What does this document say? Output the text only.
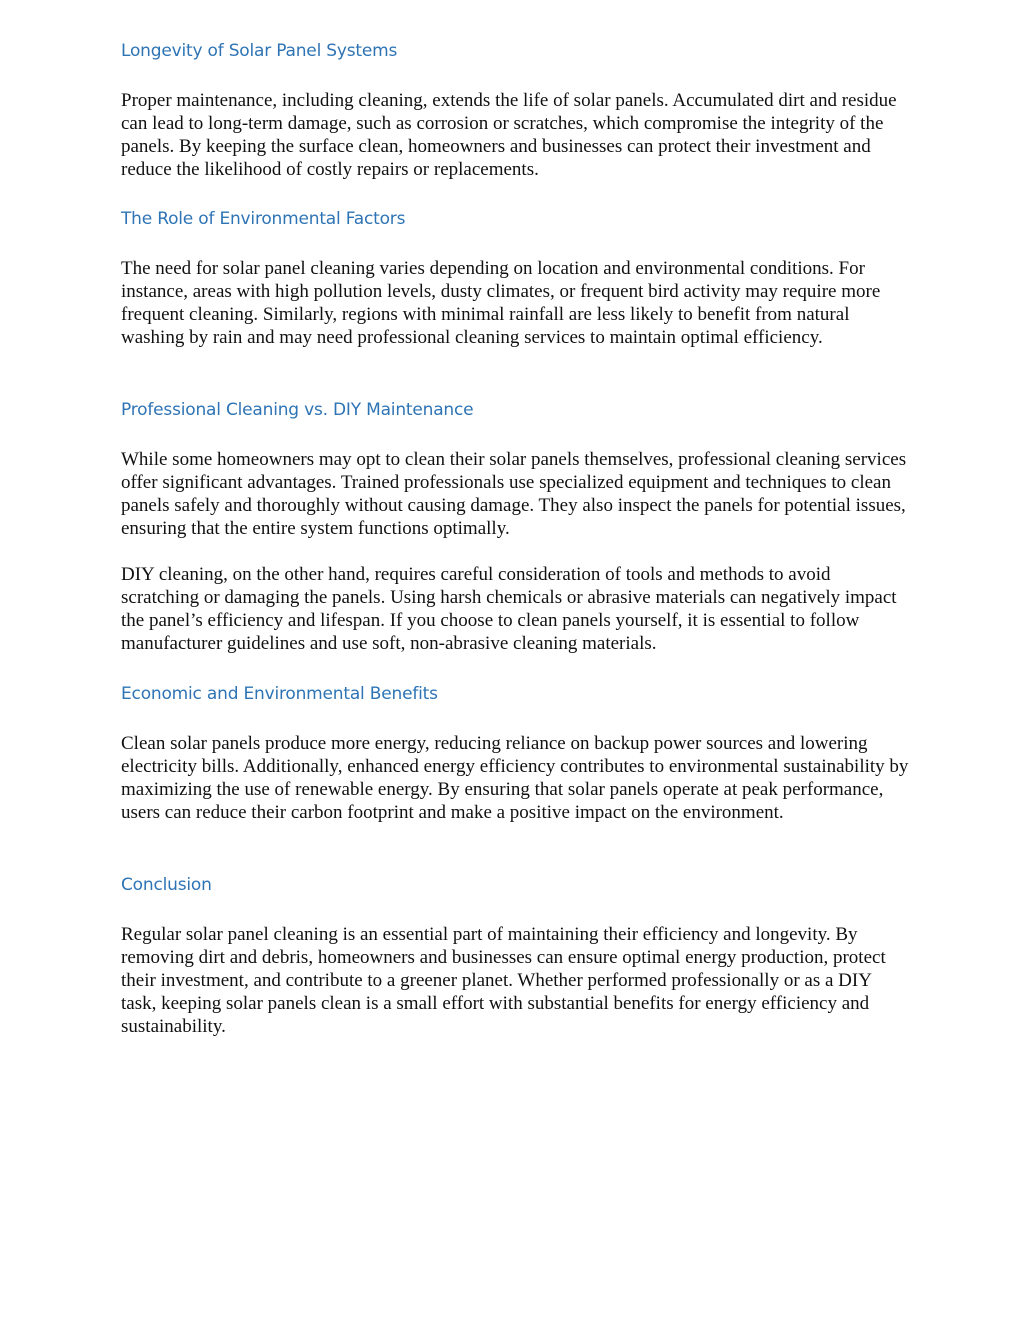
Longevity of Solar Panel Systems

Proper maintenance, including cleaning, extends the life of solar panels. Accumulated dirt and residue can lead to long-term damage, such as corrosion or scratches, which compromise the integrity of the panels. By keeping the surface clean, homeowners and businesses can protect their investment and reduce the likelihood of costly repairs or replacements.

The Role of Environmental Factors

The need for solar panel cleaning varies depending on location and environmental conditions. For instance, areas with high pollution levels, dusty climates, or frequent bird activity may require more frequent cleaning. Similarly, regions with minimal rainfall are less likely to benefit from natural washing by rain and may need professional cleaning services to maintain optimal efficiency.

Professional Cleaning vs. DIY Maintenance

While some homeowners may opt to clean their solar panels themselves, professional cleaning services offer significant advantages. Trained professionals use specialized equipment and techniques to clean panels safely and thoroughly without causing damage. They also inspect the panels for potential issues, ensuring that the entire system functions optimally.

DIY cleaning, on the other hand, requires careful consideration of tools and methods to avoid scratching or damaging the panels. Using harsh chemicals or abrasive materials can negatively impact the panel’s efficiency and lifespan. If you choose to clean panels yourself, it is essential to follow manufacturer guidelines and use soft, non-abrasive cleaning materials.

Economic and Environmental Benefits

Clean solar panels produce more energy, reducing reliance on backup power sources and lowering electricity bills. Additionally, enhanced energy efficiency contributes to environmental sustainability by maximizing the use of renewable energy. By ensuring that solar panels operate at peak performance, users can reduce their carbon footprint and make a positive impact on the environment.

Conclusion

Regular solar panel cleaning is an essential part of maintaining their efficiency and longevity. By removing dirt and debris, homeowners and businesses can ensure optimal energy production, protect their investment, and contribute to a greener planet. Whether performed professionally or as a DIY task, keeping solar panels clean is a small effort with substantial benefits for energy efficiency and sustainability.
